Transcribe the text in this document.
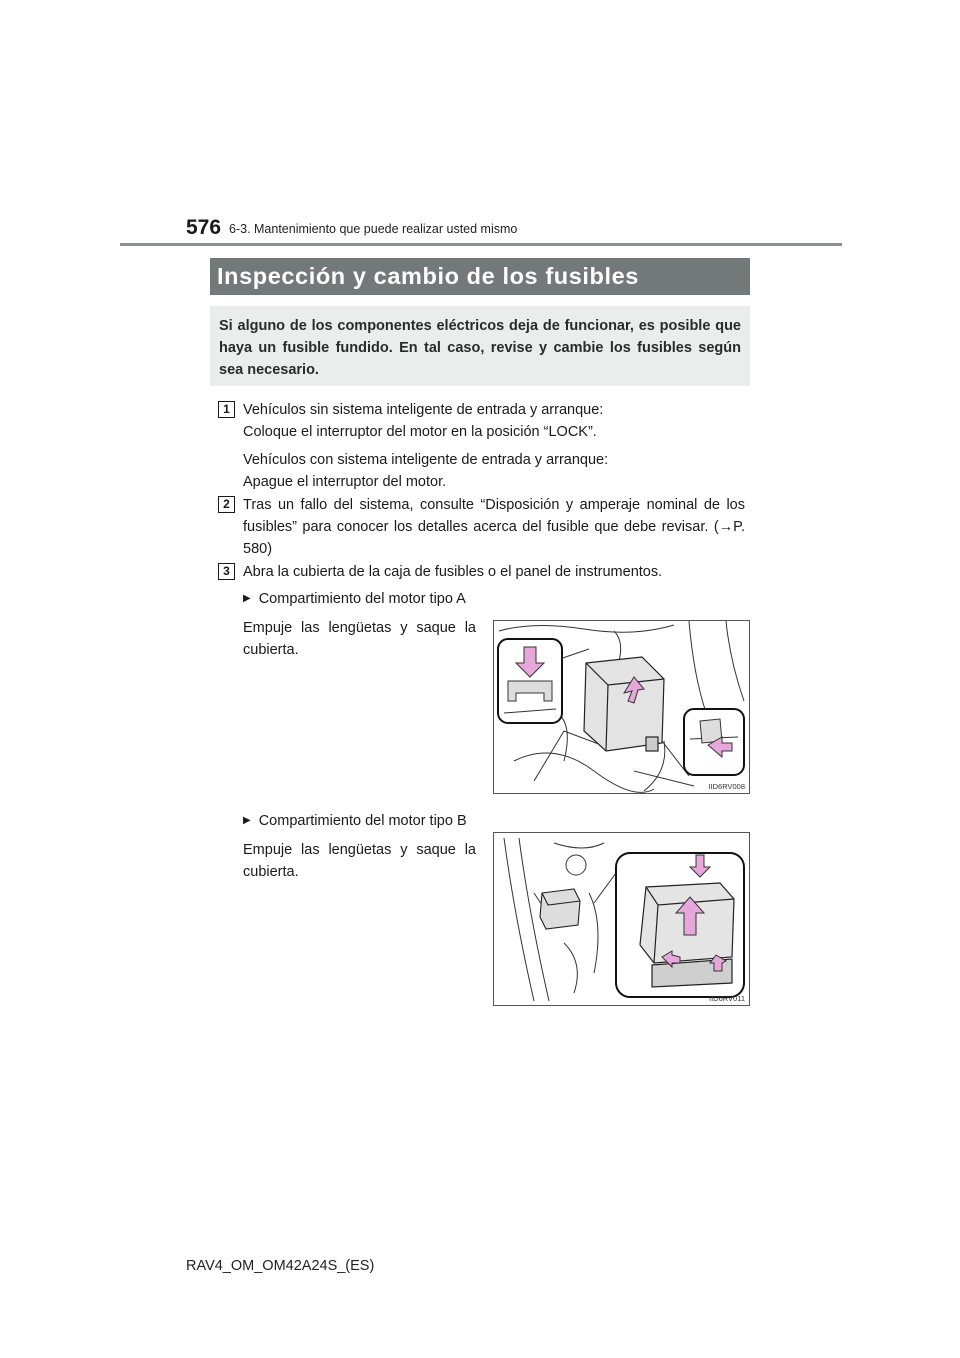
576 6-3. Mantenimiento que puede realizar usted mismo
Inspección y cambio de los fusibles
Si alguno de los componentes eléctricos deja de funcionar, es posible que haya un fusible fundido. En tal caso, revise y cambie los fusibles según sea necesario.
1 Vehículos sin sistema inteligente de entrada y arranque:
Coloque el interruptor del motor en la posición “LOCK”.
Vehículos con sistema inteligente de entrada y arranque:
Apague el interruptor del motor.
2 Tras un fallo del sistema, consulte “Disposición y amperaje nominal de los fusibles” para conocer los detalles acerca del fusible que debe revisar. (→P. 580)
3 Abra la cubierta de la caja de fusibles o el panel de instrumentos.
▶ Compartimiento del motor tipo A
Empuje las lengüetas y saque la cubierta.
IID6RV008
▶ Compartimiento del motor tipo B
Empuje las lengüetas y saque la cubierta.
IID6RV011
RAV4_OM_OM42A24S_(ES)
